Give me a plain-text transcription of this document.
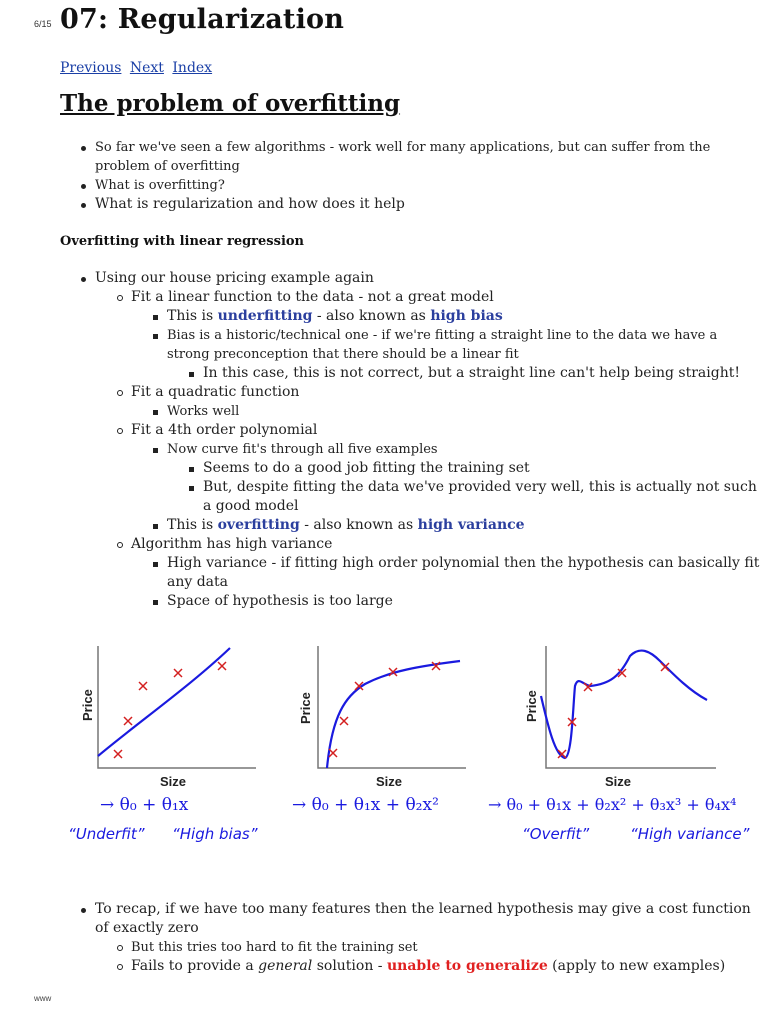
6/15 07: Regularization
Previous Next Index
The problem of overfitting
So far we've seen a few algorithms - work well for many applications, but can suffer from the problem of overfitting
What is overfitting?
What is regularization and how does it help
Overfitting with linear regression
Using our house pricing example again
Fit a linear function to the data - not a great model
This is underfitting - also known as high bias
Bias is a historic/technical one - if we're fitting a straight line to the data we have a strong preconception that there should be a linear fit
In this case, this is not correct, but a straight line can't help being straight!
Fit a quadratic function
Works well
Fit a 4th order polynomial
Now curve fit's through all five examples
Seems to do a good job fitting the training set
But, despite fitting the data we've provided very well, this is actually not such a good model
This is overfitting - also known as high variance
Algorithm has high variance
High variance - if fitting high order polynomial then the hypothesis can basically fit any data
Space of hypothesis is too large
Price
Size
→ θ₀ + θ₁x
“Underfit” “High bias”
Price
Size
→ θ₀ + θ₁x + θ₂x²
Price
Size
→ θ₀ + θ₁x + θ₂x² + θ₃x³ + θ₄x⁴
“Overfit”	“High variance”
To recap, if we have too many features then the learned hypothesis may give a cost function of exactly zero
But this tries too hard to fit the training set
Fails to provide a general solution - unable to generalize (apply to new examples)
www
